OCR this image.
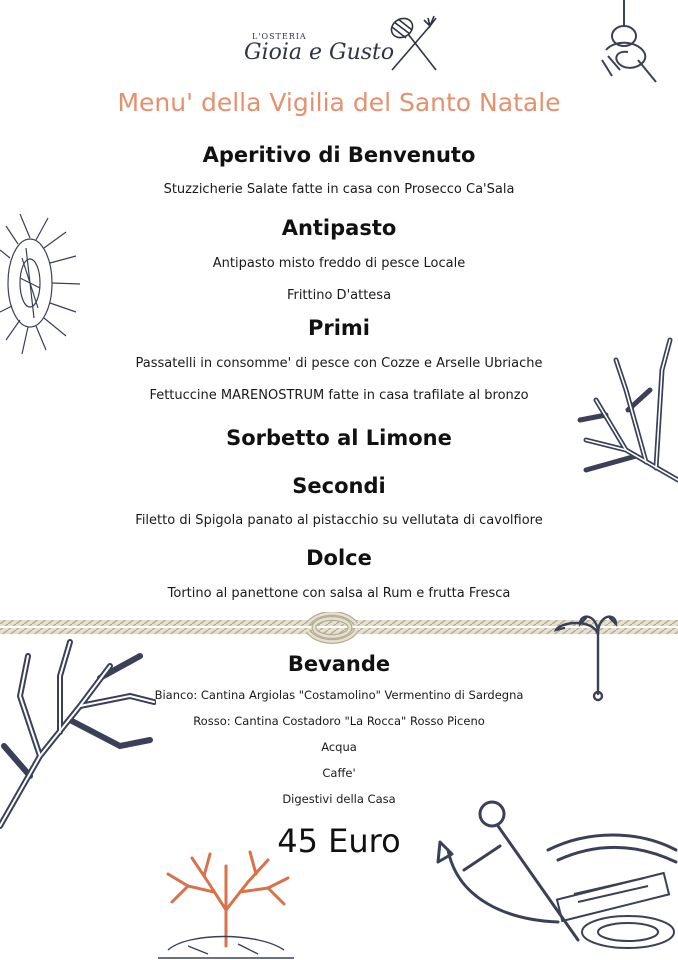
L'OSTERIA
Gioia e Gusto
Menu' della Vigilia del Santo Natale
Aperitivo di Benvenuto
Stuzzicherie Salate fatte in casa con Prosecco Ca'Sala
Antipasto
Antipasto misto freddo di pesce Locale
Frittino D'attesa
Primi
Passatelli in consomme' di pesce con Cozze e Arselle Ubriache
Fettuccine MARENOSTRUM fatte in casa trafilate al bronzo
Sorbetto al Limone
Secondi
Filetto di Spigola panato al pistacchio su vellutata di cavolfiore
Dolce
Tortino al panettone con salsa al Rum e frutta Fresca
Bevande
Bianco: Cantina Argiolas "Costamolino" Vermentino di Sardegna
Rosso: Cantina Costadoro "La Rocca" Rosso Piceno
Acqua
Caffe'
Digestivi della Casa
45 Euro
